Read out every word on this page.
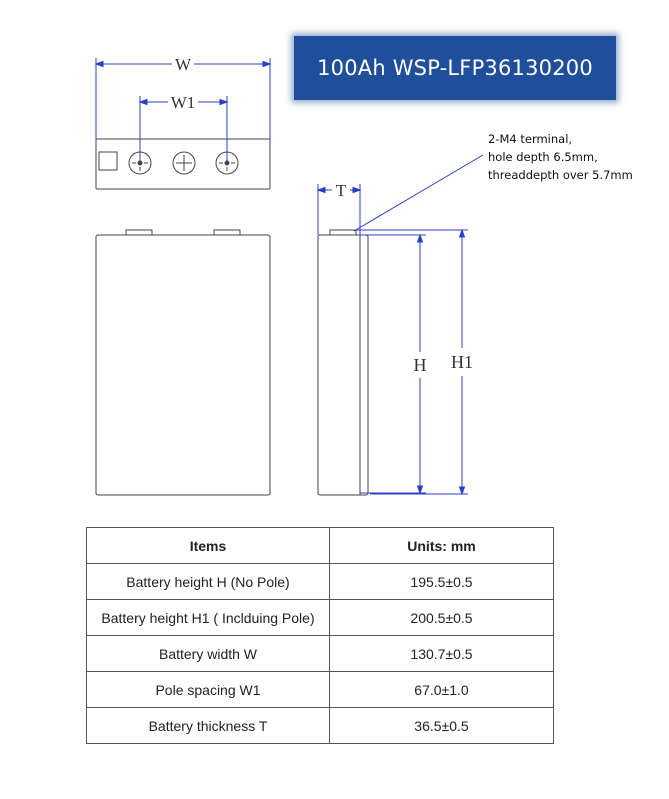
W
W1
T
H H1
100Ah WSP-LFP36130200
2-M4 terminal,
hole depth 6.5mm,
threaddepth over 5.7mm
Items	Units: mm
Battery height H (No Pole)	195.5±0.5
Battery height H1 ( Inclduing Pole)	200.5±0.5
Battery width W	130.7±0.5
Pole spacing W1	67.0±1.0
Battery thickness T	36.5±0.5
